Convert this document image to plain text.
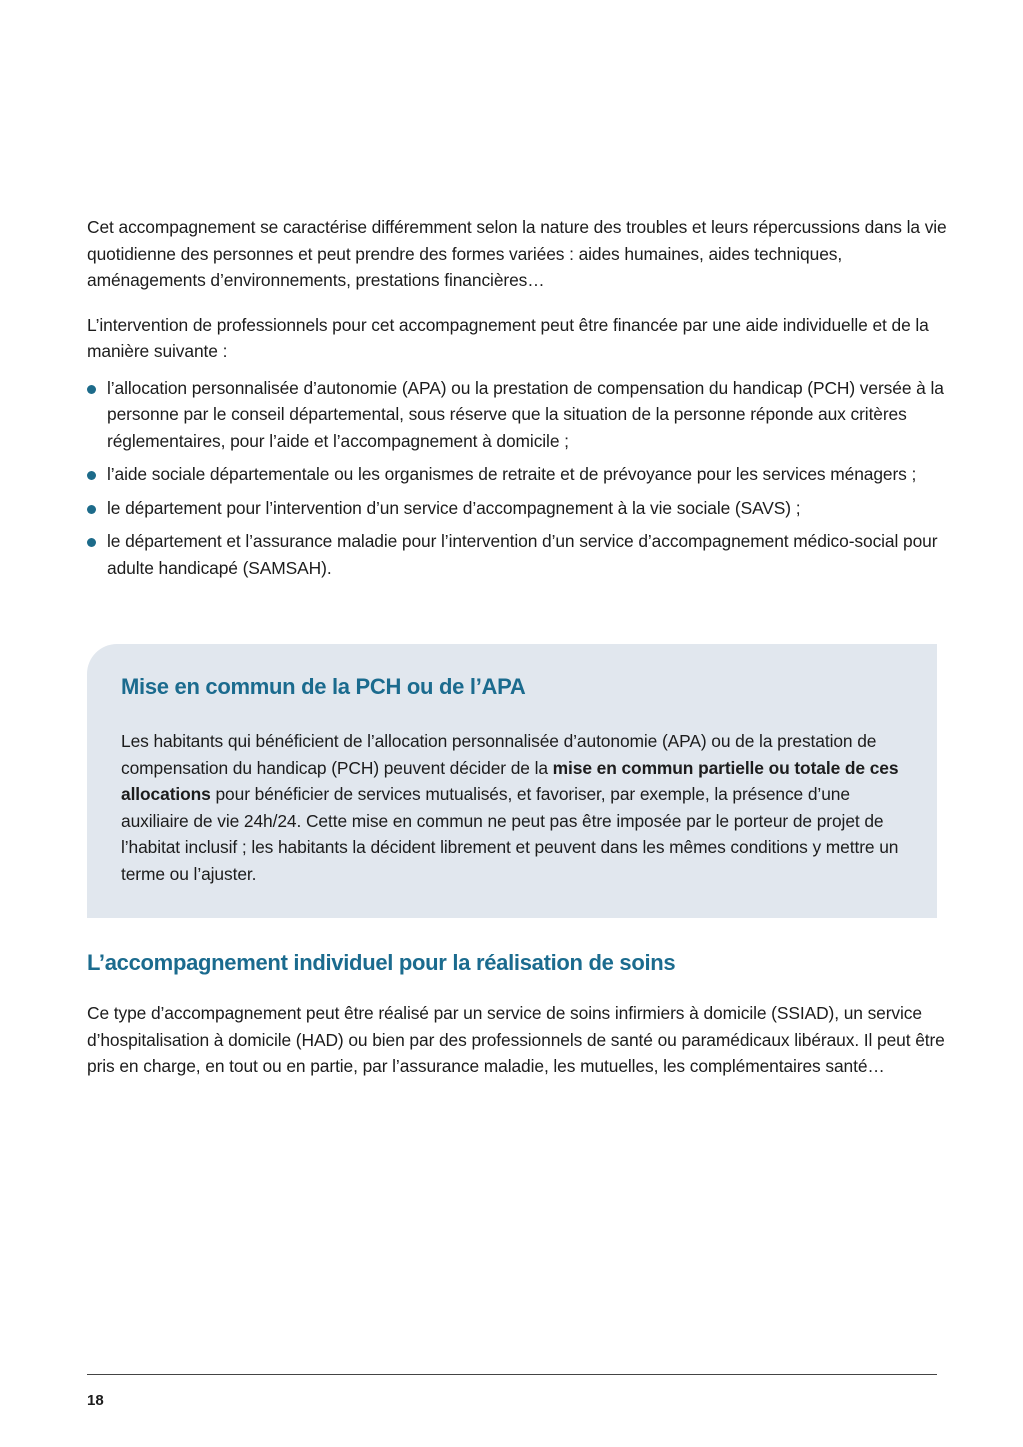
Cet accompagnement se caractérise différemment selon la nature des troubles et leurs répercussions dans la vie quotidienne des personnes et peut prendre des formes variées : aides humaines, aides techniques, aménagements d’environnements, prestations financières…

L’intervention de professionnels pour cet accompagnement peut être financée par une aide individuelle et de la manière suivante :

l’allocation personnalisée d’autonomie (APA) ou la prestation de compensation du handicap (PCH) versée à la personne par le conseil départemental, sous réserve que la situation de la personne réponde aux critères réglementaires, pour l’aide et l’accompagnement à domicile ;
l’aide sociale départementale ou les organismes de retraite et de prévoyance pour les services ménagers ;
le département pour l’intervention d’un service d’accompagnement à la vie sociale (SAVS) ;
le département et l’assurance maladie pour l’intervention d’un service d’accompagnement médico-social pour adulte handicapé (SAMSAH).
Mise en commun de la PCH ou de l’APA

Les habitants qui bénéficient de l’allocation personnalisée d’autonomie (APA) ou de la prestation de compensation du handicap (PCH) peuvent décider de la mise en commun partielle ou totale de ces allocations pour bénéficier de services mutualisés, et favoriser, par exemple, la présence d’une auxiliaire de vie 24h/24. Cette mise en commun ne peut pas être imposée par le porteur de projet de l’habitat inclusif ; les habitants la décident librement et peuvent dans les mêmes conditions y mettre un terme ou l’ajuster.

L’accompagnement individuel pour la réalisation de soins

Ce type d’accompagnement peut être réalisé par un service de soins infirmiers à domicile (SSIAD), un service d’hospitalisation à domicile (HAD) ou bien par des professionnels de santé ou paramédicaux libéraux. Il peut être pris en charge, en tout ou en partie, par l’assurance maladie, les mutuelles, les complémentaires santé…

18
